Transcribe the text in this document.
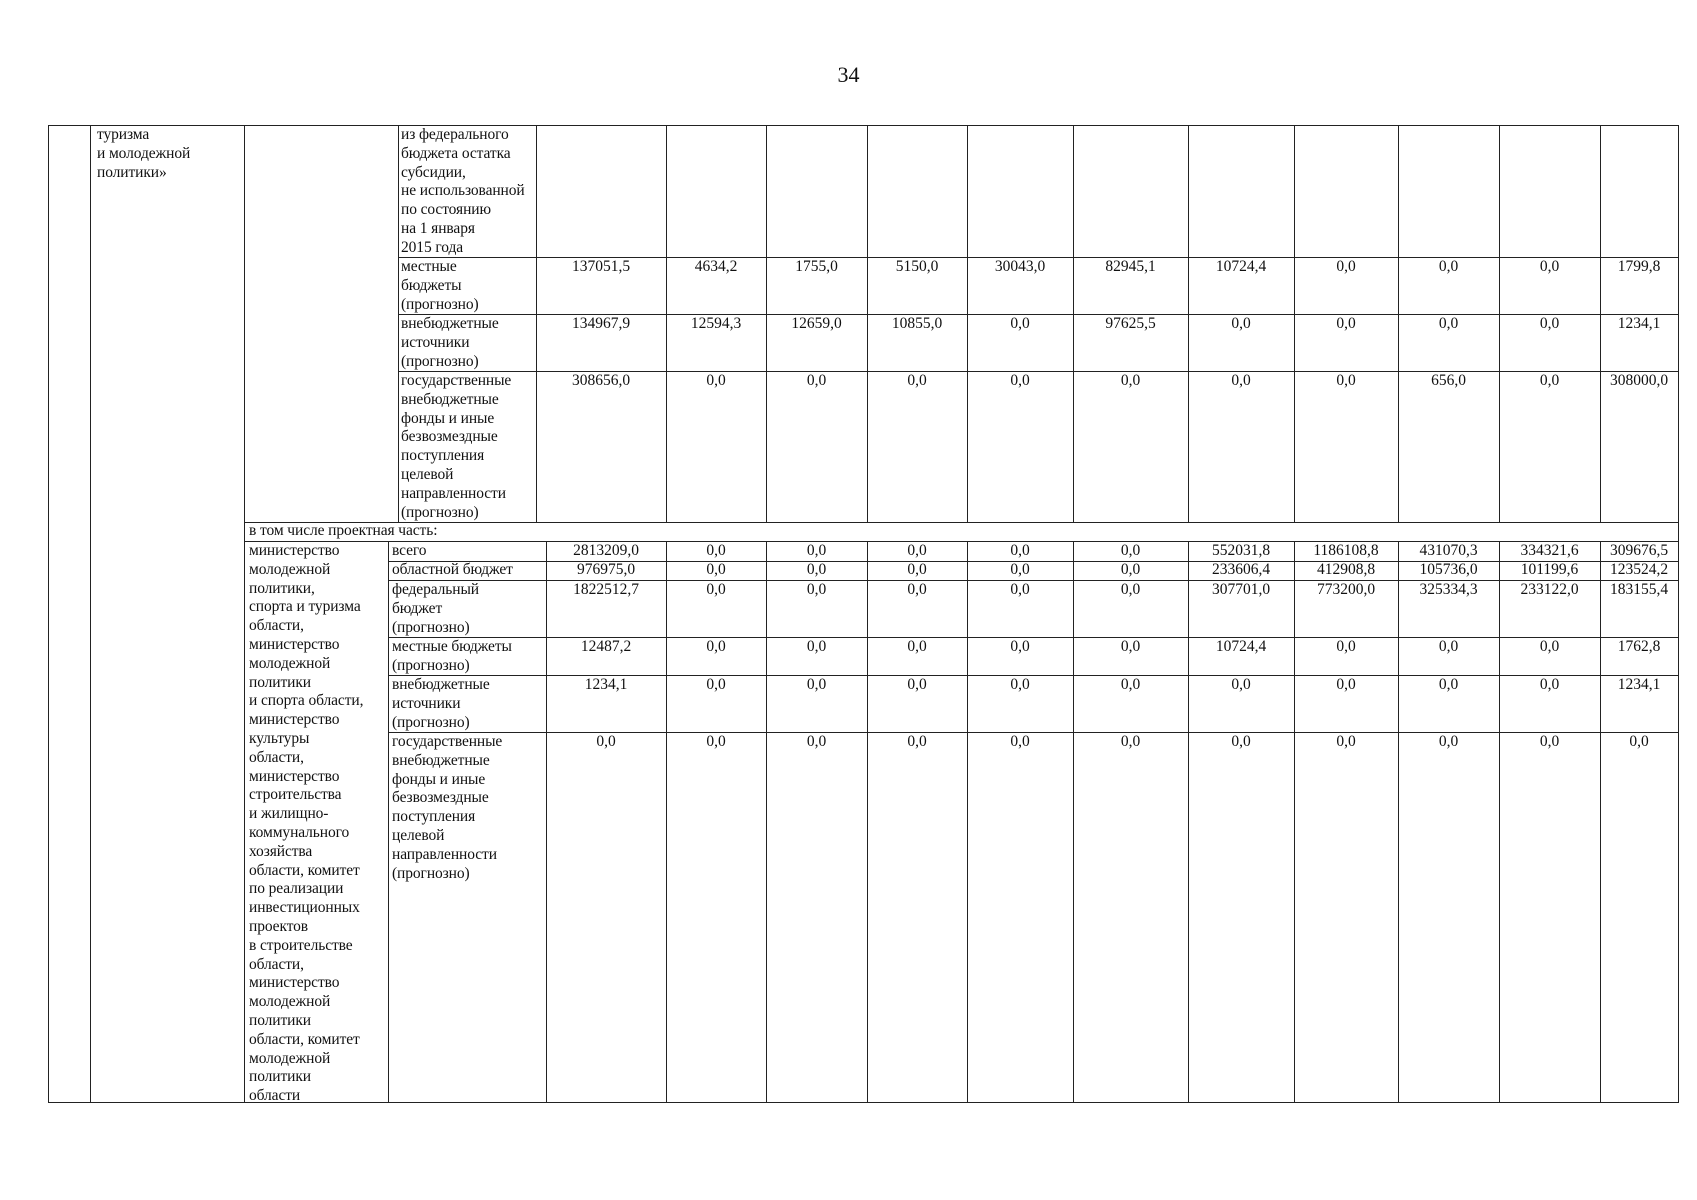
34
туризма
и молодежной
политики»
из федерального
бюджета остатка
субсидии,
не использованной
по состоянию
на 1 января
2015 года
местные
бюджеты
(прогнозно)
137051,5	4634,2	1755,0	5150,0	30043,0	82945,1	10724,4	0,0	0,0	0,0	1799,8
внебюджетные
источники
(прогнозно)
134967,9	12594,3	12659,0	10855,0	0,0	97625,5	0,0	0,0	0,0	0,0	1234,1
государственные
внебюджетные
фонды и иные
безвозмездные
поступления
целевой
направленности
(прогнозно)
308656,0	0,0	0,0	0,0	0,0	0,0	0,0	0,0	656,0	0,0	308000,0
в том числе проектная часть:
министерство
молодежной
политики,
спорта и туризма
области,
министерство
молодежной
политики
и спорта области,
министерство
культуры
области,
министерство
строительства
и жилищно-
коммунального
хозяйства
области, комитет
по реализации
инвестиционных
проектов
в строительстве
области,
министерство
молодежной
политики
области, комитет
молодежной
политики
области
всего	2813209,0	0,0	0,0	0,0	0,0	0,0	552031,8	1186108,8	431070,3	334321,6	309676,5
областной бюджет	976975,0	0,0	0,0	0,0	0,0	0,0	233606,4	412908,8	105736,0	101199,6	123524,2
федеральный
бюджет
(прогнозно)
1822512,7	0,0	0,0	0,0	0,0	0,0	307701,0	773200,0	325334,3	233122,0	183155,4
местные бюджеты
(прогнозно)
12487,2	0,0	0,0	0,0	0,0	0,0	10724,4	0,0	0,0	0,0	1762,8
внебюджетные
источники
(прогнозно)
1234,1	0,0	0,0	0,0	0,0	0,0	0,0	0,0	0,0	0,0	1234,1
государственные
внебюджетные
фонды и иные
безвозмездные
поступления
целевой
направленности
(прогнозно)
0,0	0,0	0,0	0,0	0,0	0,0	0,0	0,0	0,0	0,0	0,0
